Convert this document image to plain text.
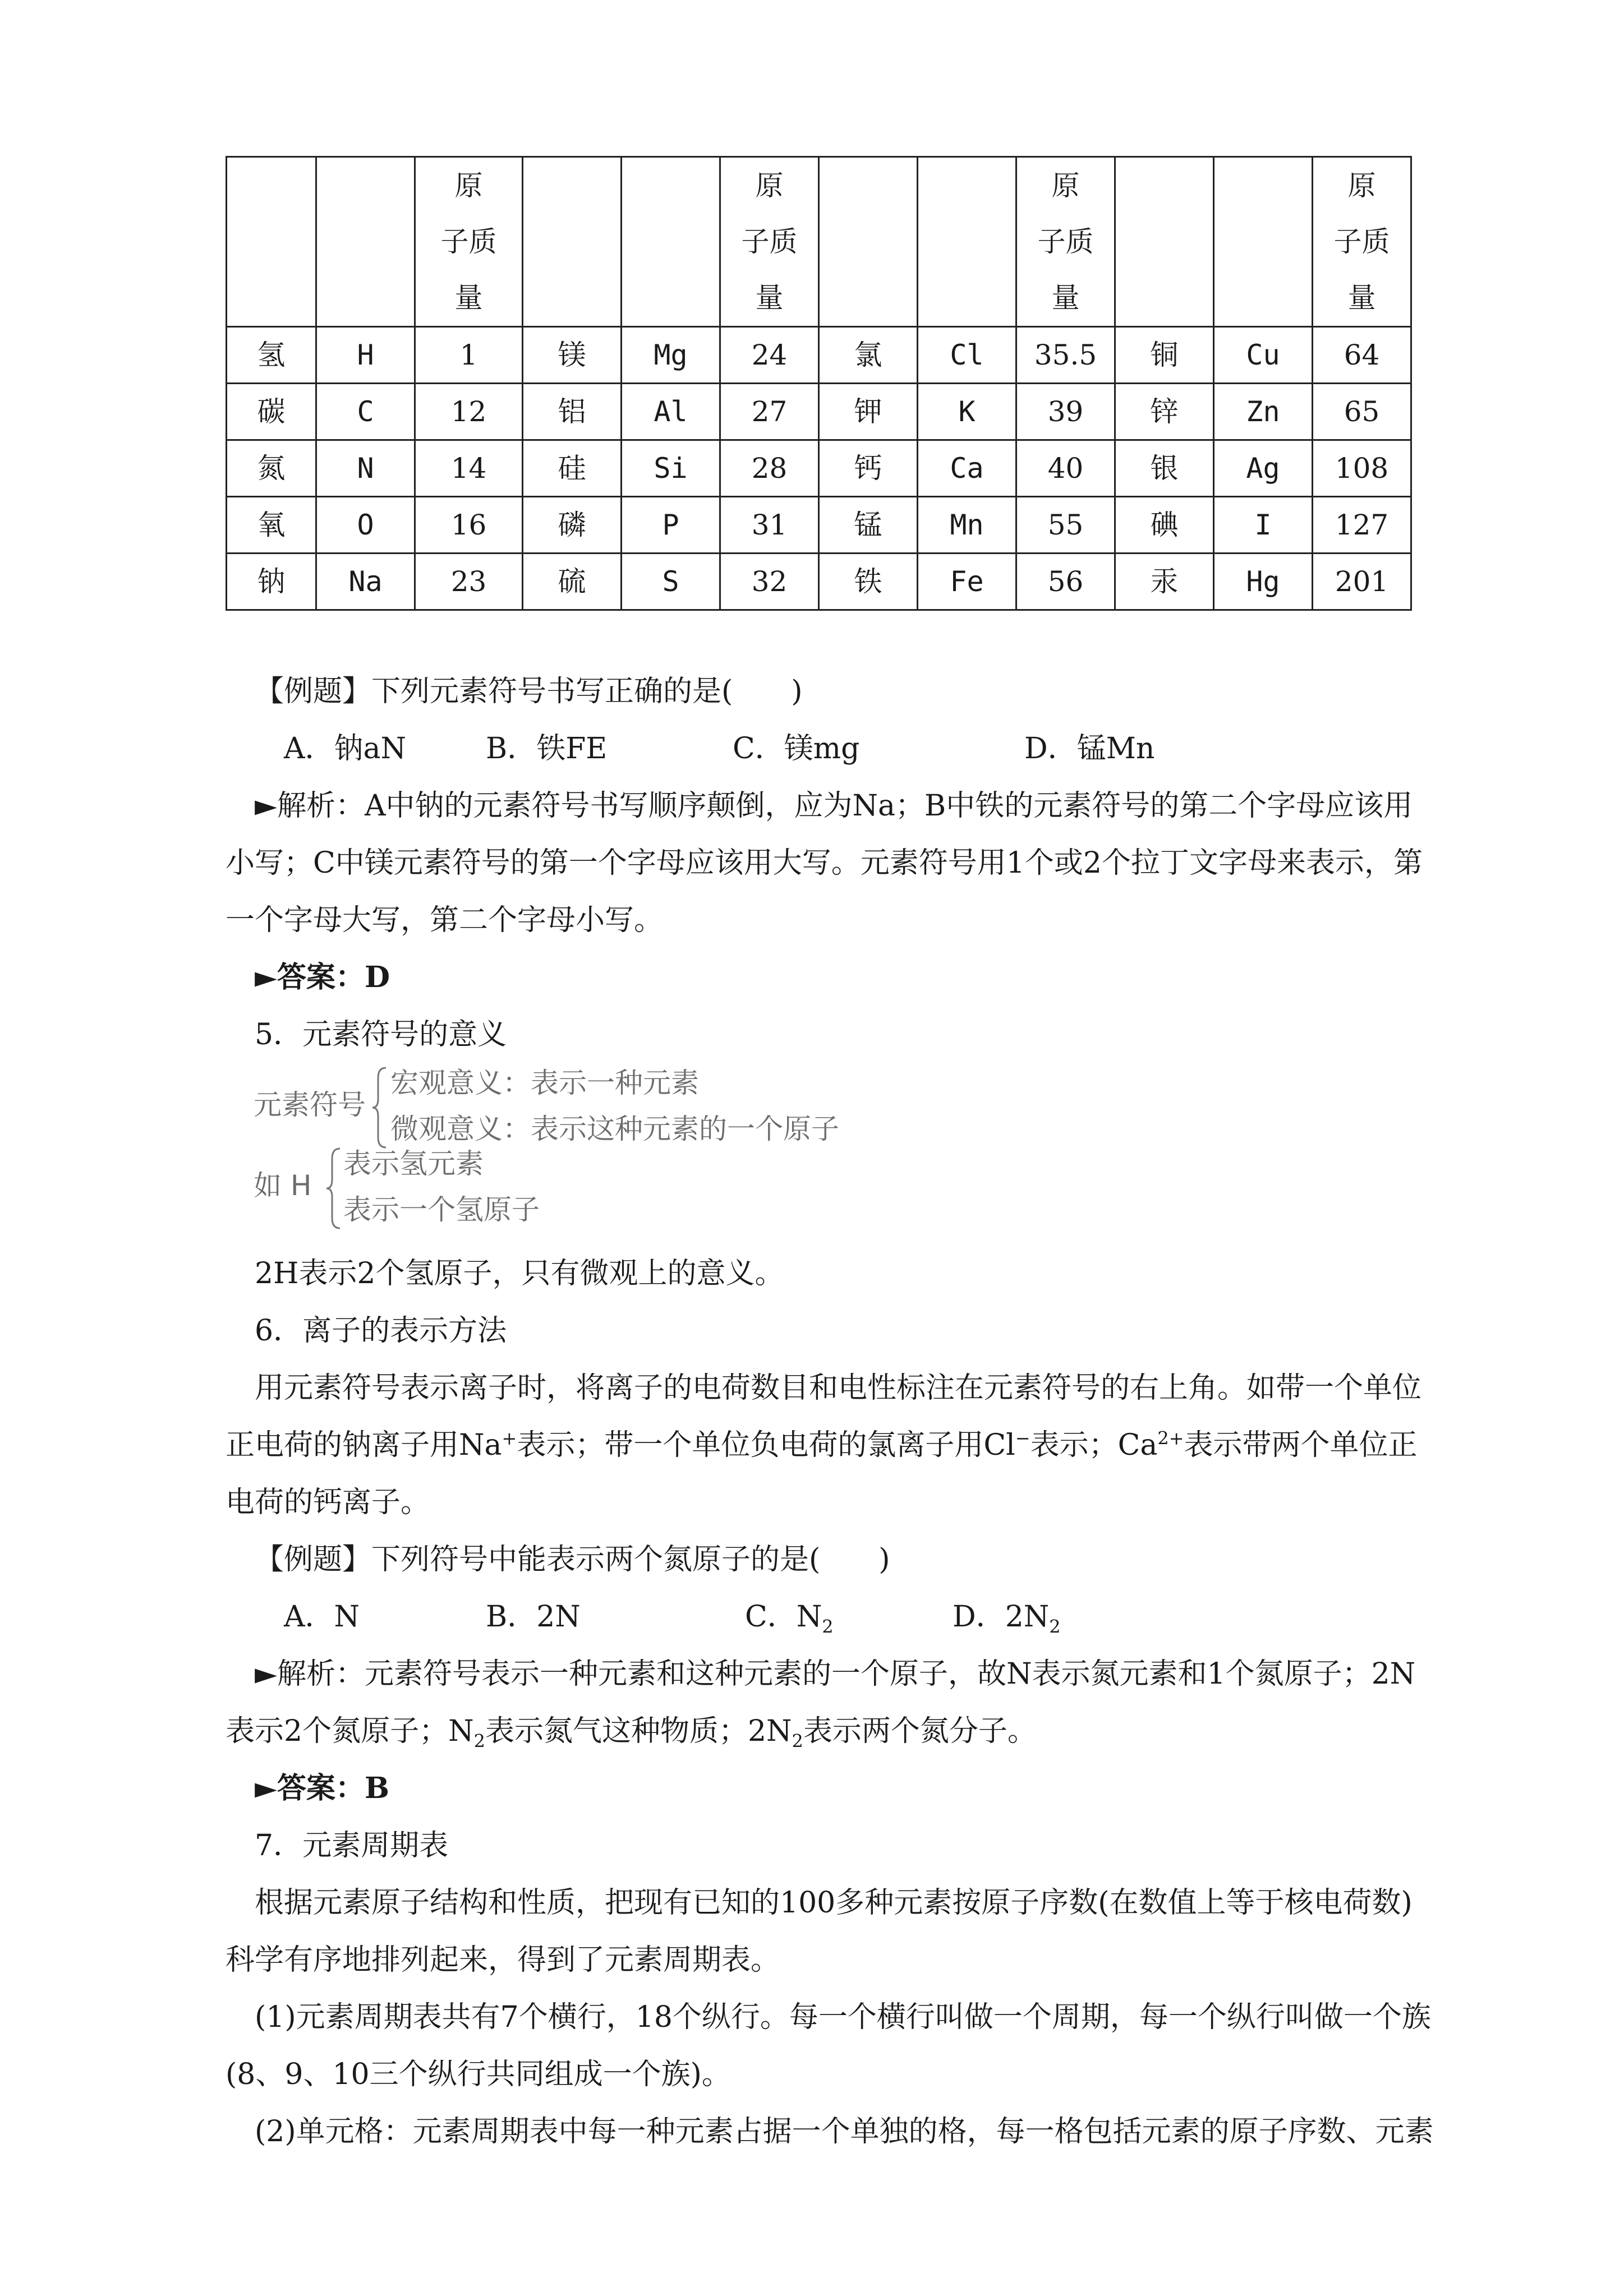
		原
子质
量			原
子质
量			原
子质
量			原
子质
量

氢	H	1	镁	Mg	24	氯	Cl	35.5	铜	Cu	64
碳	C	12	铝	Al	27	钾	K	39	锌	Zn	65
氮	N	14	硅	Si	28	钙	Ca	40	银	Ag	108
氧	O	16	磷	P	31	锰	Mn	55	碘	I	127
钠	Na	23	硫	S	32	铁	Fe	56	汞	Hg	201

【例题】下列元素符号书写正确的是(　　)

A．钠aN	B．铁FE	C．镁mg	D．锰Mn

►解析：A中钠的元素符号书写顺序颠倒，应为Na；B中铁的元素符号的第二个字母应该用小写；C中镁元素符号的第一个字母应该用大写。元素符号用1个或2个拉丁文字母来表示，第一个字母大写，第二个字母小写。

►答案：D

5．元素符号的意义

元素符号
宏观意义：表示一种元素
微观意义：表示这种元素的一个原子
如 H
表示氢元素
表示一个氢原子

2H表示2个氢原子，只有微观上的意义。

6．离子的表示方法

用元素符号表示离子时，将离子的电荷数目和电性标注在元素符号的右上角。如带一个单位正电荷的钠离子用Na+表示；带一个单位负电荷的氯离子用Cl−表示；$Ca^{2+}$表示带两个单位正电荷的钙离子。

【例题】下列符号中能表示两个氮原子的是(　　)

A．N	B．2N	C．$N_2$	D．$2N_2$

►解析：元素符号表示一种元素和这种元素的一个原子，故N表示氮元素和1个氮原子；2N表示2个氮原子；$N_2$表示氮气这种物质；$2N_2$表示两个氮分子。

►答案：B

7．元素周期表

根据元素原子结构和性质，把现有已知的100多种元素按原子序数(在数值上等于核电荷数)科学有序地排列起来，得到了元素周期表。

(1)元素周期表共有7个横行，18个纵行。每一个横行叫做一个周期，每一个纵行叫做一个族(8、9、10三个纵行共同组成一个族)。

(2)单元格：元素周期表中每一种元素占据一个单独的格，每一格包括元素的原子序数、元素
